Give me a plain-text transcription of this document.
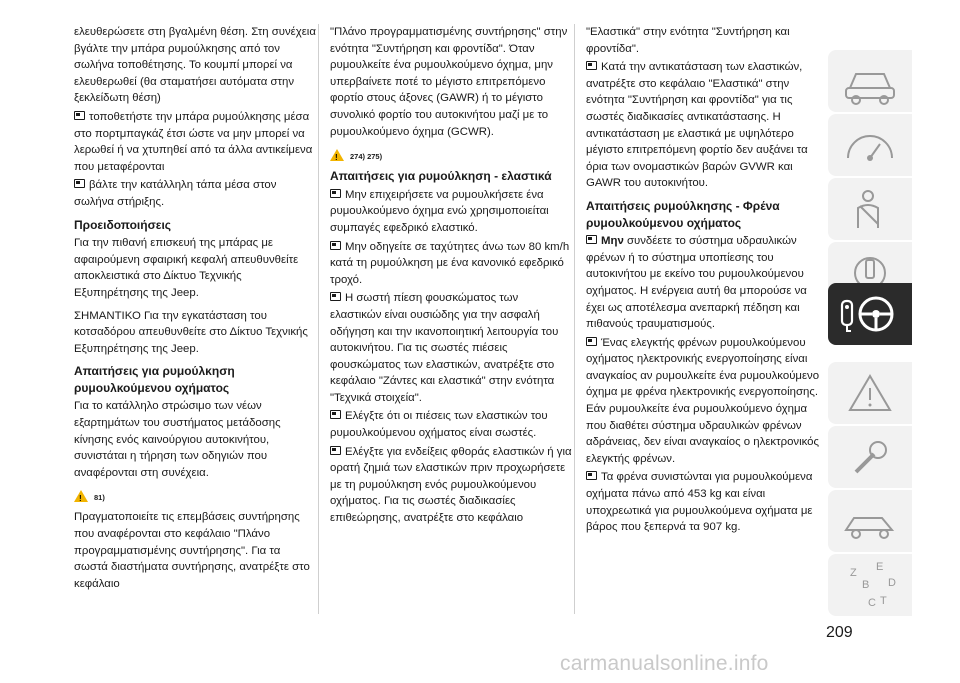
ελευθερώσετε στη βγαλμένη θέση. Στη συνέχεια βγάλτε την μπάρα ρυμούλκησης από τον σωλήνα τοποθέτησης. Το κουμπί μπορεί να ελευθερωθεί (θα σταματήσει αυτόματα στην ξεκλείδωτη θέση)

τοποθετήστε την μπάρα ρυμούλκησης μέσα στο πορτμπαγκάζ έτσι ώστε να μην μπορεί να λερωθεί ή να χτυπηθεί από τα άλλα αντικείμενα που μεταφέρονται

βάλτε την κατάλληλη τάπα μέσα στον σωλήνα στήριξης.

Προειδοποιήσεις

Για την πιθανή επισκευή της μπάρας με αφαιρούμενη σφαιρική κεφαλή απευθυνθείτε αποκλειστικά στο Δίκτυο Τεχνικής Εξυπηρέτησης της Jeep.

ΣΗΜΑΝΤΙΚΟ Για την εγκατάσταση του κοτσαδόρου απευθυνθείτε στο Δίκτυο Τεχνικής Εξυπηρέτησης της Jeep.

Απαιτήσεις για ρυμούλκηση ρυμουλκούμενου οχήματος

Για το κατάλληλο στρώσιμο των νέων εξαρτημάτων του συστήματος μετάδοσης κίνησης ενός καινούργιου αυτοκινήτου, συνιστάται η τήρηση των οδηγιών που αναφέρονται στη συνέχεια.

!81)

Πραγματοποιείτε τις επεμβάσεις συντήρησης που αναφέρονται στο κεφάλαιο "Πλάνο προγραμματισμένης συντήρησης". Για τα σωστά διαστήματα συντήρησης, ανατρέξτε στο κεφάλαιο

"Πλάνο προγραμματισμένης συντήρησης" στην ενότητα "Συντήρηση και φροντίδα". Όταν ρυμουλκείτε ένα ρυμουλκούμενο όχημα, μην υπερβαίνετε ποτέ το μέγιστο επιτρεπόμενο φορτίο στους άξονες (GAWR) ή το μέγιστο συνολικό φορτίο του αυτοκινήτου μαζί με το ρυμουλκούμενο όχημα (GCWR).

!274) 275)
Απαιτήσεις για ρυμούλκηση - ελαστικά

Μην επιχειρήσετε να ρυμουλκήσετε ένα ρυμουλκούμενο όχημα ενώ χρησιμοποιείται συμπαγές εφεδρικό ελαστικό.

Μην οδηγείτε σε ταχύτητες άνω των 80 km/h κατά τη ρυμούλκηση με ένα κανονικό εφεδρικό τροχό.

Η σωστή πίεση φουσκώματος των ελαστικών είναι ουσιώδης για την ασφαλή οδήγηση και την ικανοποιητική λειτουργία του αυτοκινήτου. Για τις σωστές πιέσεις φουσκώματος των ελαστικών, ανατρέξτε στο κεφάλαιο "Ζάντες και ελαστικά" στην ενότητα "Τεχνικά στοιχεία".

Ελέγξτε ότι οι πιέσεις των ελαστικών του ρυμουλκούμενου οχήματος είναι σωστές.

Ελέγξτε για ενδείξεις φθοράς ελαστικών ή για ορατή ζημιά των ελαστικών πριν προχωρήσετε με τη ρυμούλκηση ενός ρυμουλκούμενου οχήματος. Για τις σωστές διαδικασίες επιθεώρησης, ανατρέξτε στο κεφάλαιο

"Ελαστικά" στην ενότητα "Συντήρηση και φροντίδα".

Κατά την αντικατάσταση των ελαστικών, ανατρέξτε στο κεφάλαιο "Ελαστικά" στην ενότητα "Συντήρηση και φροντίδα" για τις σωστές διαδικασίες αντικατάστασης. Η αντικατάσταση με ελαστικά με υψηλότερο μέγιστο επιτρεπόμενη φορτίο δεν αυξάνει τα όρια των ονομαστικών βαρών GVWR και GAWR του αυτοκινήτου.

Απαιτήσεις ρυμούλκησης - Φρένα ρυμουλκούμενου οχήματος

Μην συνδέετε το σύστημα υδραυλικών φρένων ή το σύστημα υποπίεσης του αυτοκινήτου με εκείνο του ρυμουλκούμενου οχήματος. Η ενέργεια αυτή θα μπορούσε να έχει ως αποτέλεσμα ανεπαρκή πέδηση και πιθανούς τραυματισμούς.

Ένας ελεγκτής φρένων ρυμουλκούμενου οχήματος ηλεκτρονικής ενεργοποίησης είναι αναγκαίος αν ρυμουλκείτε ένα ρυμουλκούμενο όχημα με φρένα ηλεκτρονικής ενεργοποίησης. Εάν ρυμουλκείτε ένα ρυμουλκούμενο όχημα που διαθέτει σύστημα υδραυλικών φρένων αδράνειας, δεν είναι αναγκαίος ο ηλεκτρονικός ελεγκτής φρένων.

Τα φρένα συνιστώνται για ρυμουλκούμενα οχήματα πάνω από 453 kg και είναι υποχρεωτικά για ρυμουλκούμενα οχήματα με βάρος που ξεπερνά τα 907 kg.

Z E
B
C T
D
209
carmanualsonline.info
